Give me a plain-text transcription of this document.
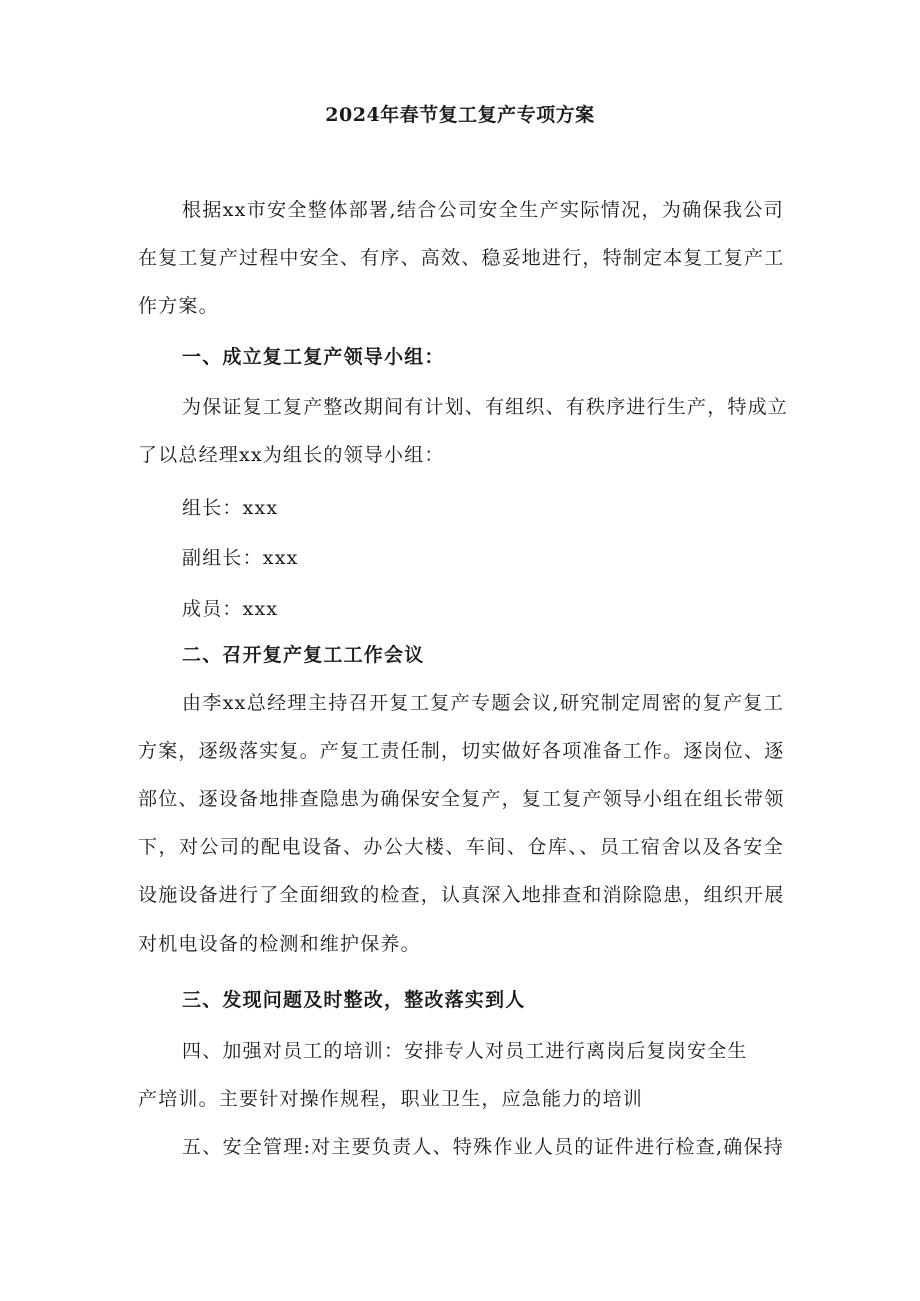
2024年春节复工复产专项方案
根据xx市安全整体部署,结合公司安全生产实际情况，为确保我公司
在复工复产过程中安全、有序、高效、稳妥地进行，特制定本复工复产工
作方案。
一、成立复工复产领导小组：
为保证复工复产整改期间有计划、有组织、有秩序进行生产，特成立
了以总经理xx为组长的领导小组：
组长：xxx
副组长：xxx
成员：xxx
二、召开复产复工工作会议
由李xx总经理主持召开复工复产专题会议,研究制定周密的复产复工
方案，逐级落实复。产复工责任制，切实做好各项准备工作。逐岗位、逐
部位、逐设备地排查隐患为确保安全复产，复工复产领导小组在组长带领
下，对公司的配电设备、办公大楼、车间、仓库、、员工宿舍以及各安全
设施设备进行了全面细致的检查，认真深入地排查和消除隐患，组织开展
对机电设备的检测和维护保养。
三、发现问题及时整改，整改落实到人
四、加强对员工的培训：安排专人对员工进行离岗后复岗安全生
产培训。主要针对操作规程，职业卫生，应急能力的培训
五、安全管理:对主要负责人、特殊作业人员的证件进行检查,确保持
